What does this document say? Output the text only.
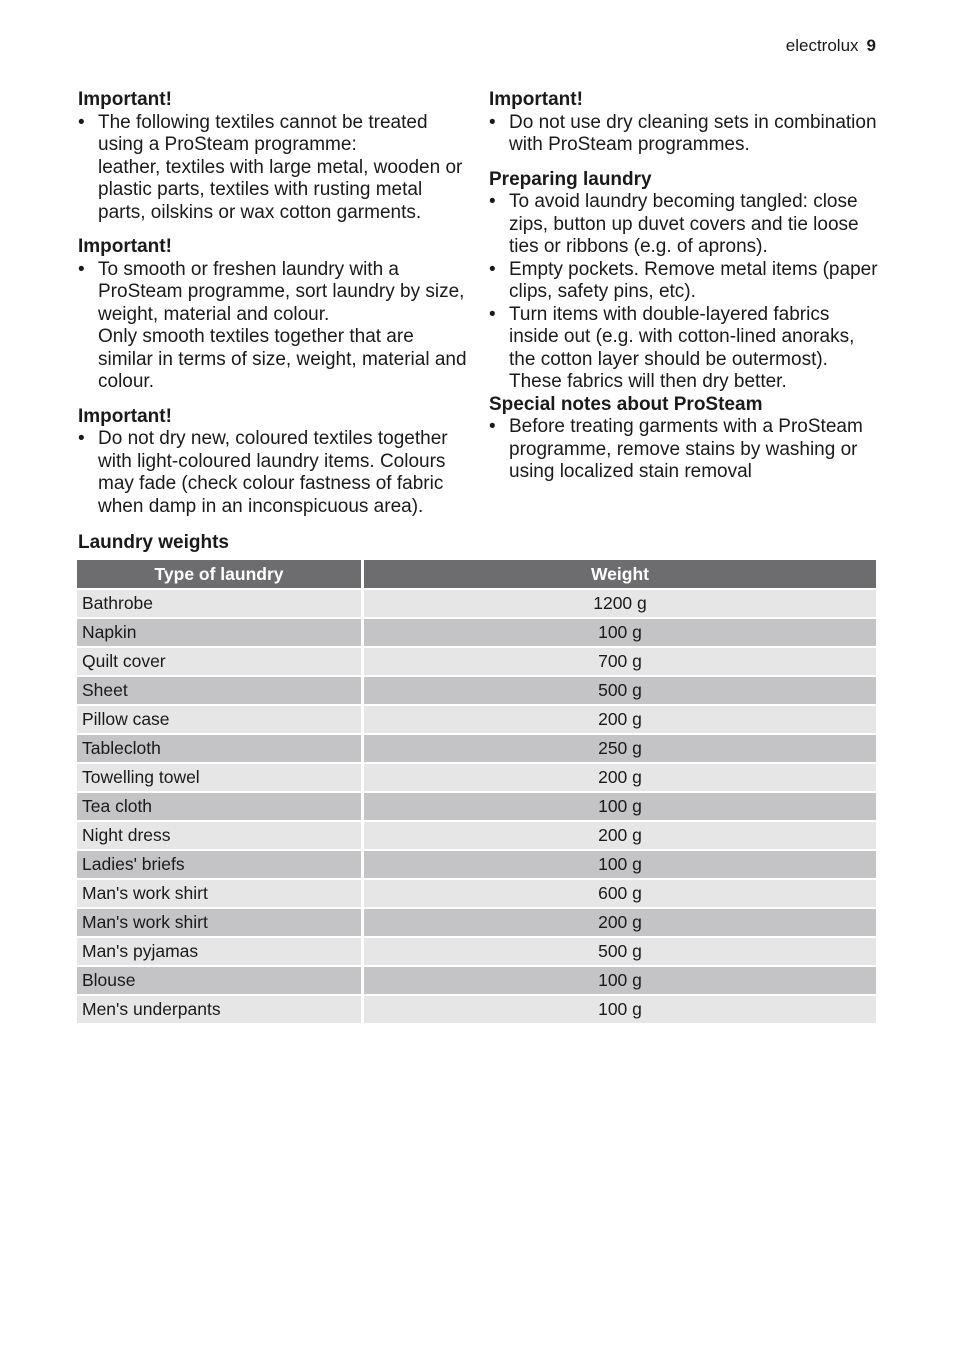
electrolux 9
Important!
• The following textiles cannot be treated using a ProSteam programme:
leather, textiles with large metal, wooden or plastic parts, textiles with rusting metal parts, oilskins or wax cotton garments.
Important!
• To smooth or freshen laundry with a ProSteam programme, sort laundry by size, weight, material and colour.
Only smooth textiles together that are similar in terms of size, weight, material and colour.
Important!
• Do not dry new, coloured textiles together with light-coloured laundry items. Colours may fade (check colour fastness of fabric when damp in an inconspicuous area).
Important!
• Do not use dry cleaning sets in combination with ProSteam programmes.
Preparing laundry
• To avoid laundry becoming tangled: close zips, button up duvet covers and tie loose ties or ribbons (e.g. of aprons).
• Empty pockets. Remove metal items (paper clips, safety pins, etc).
• Turn items with double-layered fabrics inside out (e.g. with cotton-lined anoraks, the cotton layer should be outermost). These fabrics will then dry better.
Special notes about ProSteam
• Before treating garments with a ProSteam programme, remove stains by washing or using localized stain removal
Laundry weights
Type of laundry	Weight
Bathrobe	1200 g
Napkin	100 g
Quilt cover	700 g
Sheet	500 g
Pillow case	200 g
Tablecloth	250 g
Towelling towel	200 g
Tea cloth	100 g
Night dress	200 g
Ladies' briefs	100 g
Man's work shirt	600 g
Man's work shirt	200 g
Man's pyjamas	500 g
Blouse	100 g
Men's underpants	100 g
